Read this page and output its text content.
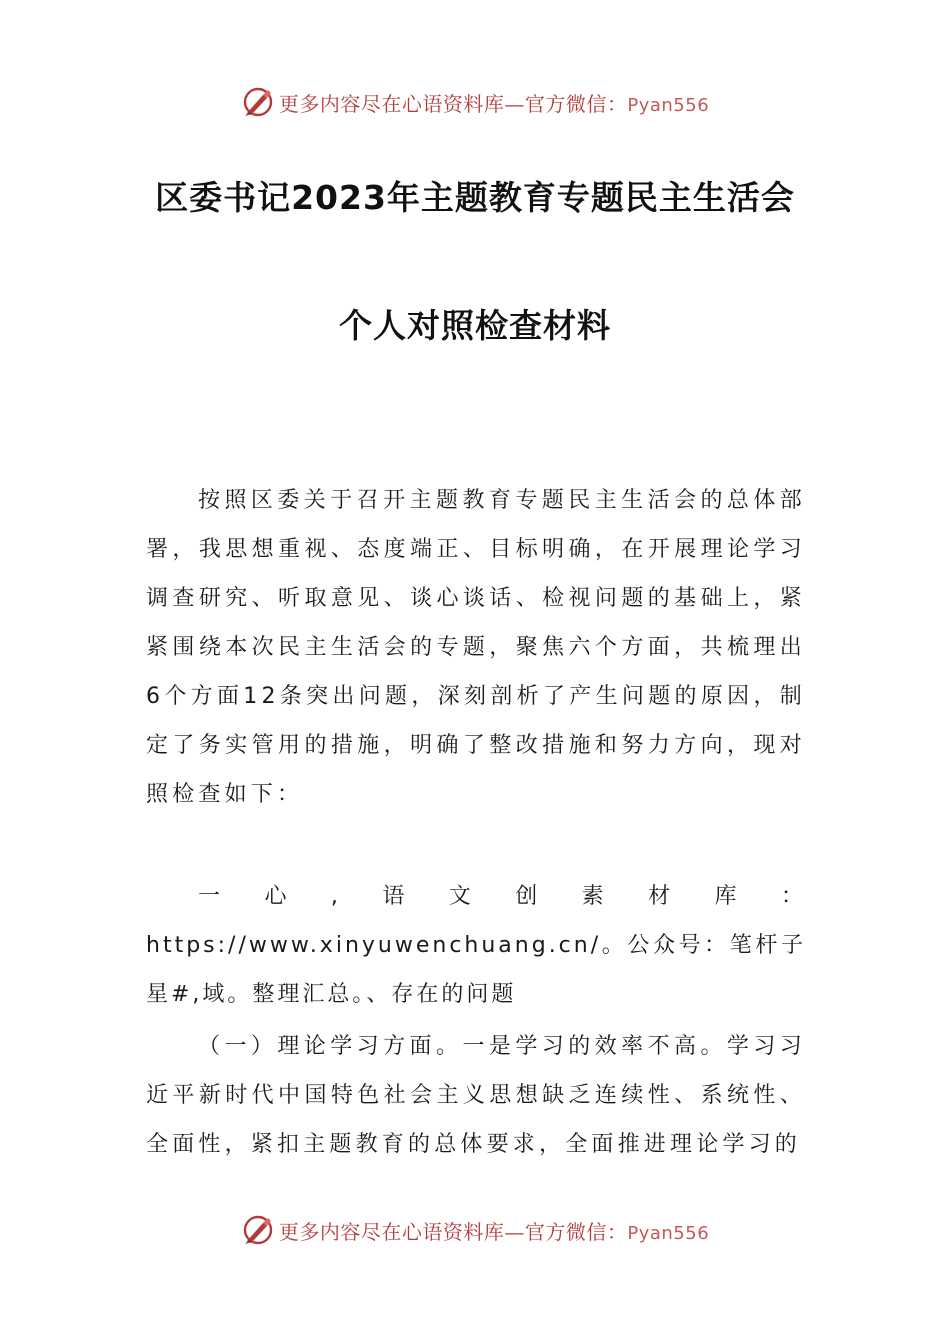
更多内容尽在心语资料库—官方微信：Pyan556
区委书记2023年主题教育专题民主生活会
个人对照检查材料

按照区委关于召开主题教育专题民主生活会的总体部署，我思想重视、态度端正、目标明确，在开展理论学习调查研究、听取意见、谈心谈话、检视问题的基础上，紧紧围绕本次民主生活会的专题，聚焦六个方面，共梳理出6个方面12条突出问题，深刻剖析了产生问题的原因，制定了务实管用的措施，明确了整改措施和努力方向，现对照检查如下：

一心,语文创素材库：https://www.xinyuwenchuang.cn/。公众号：笔杆子星#,域。整理汇总。、存在的问题

（一）理论学习方面。一是学习的效率不高。学习习近平新时代中国特色社会主义思想缺乏连续性、系统性、全面性，紧扣主题教育的总体要求，全面推进理论学习的

更多内容尽在心语资料库—官方微信：Pyan556
